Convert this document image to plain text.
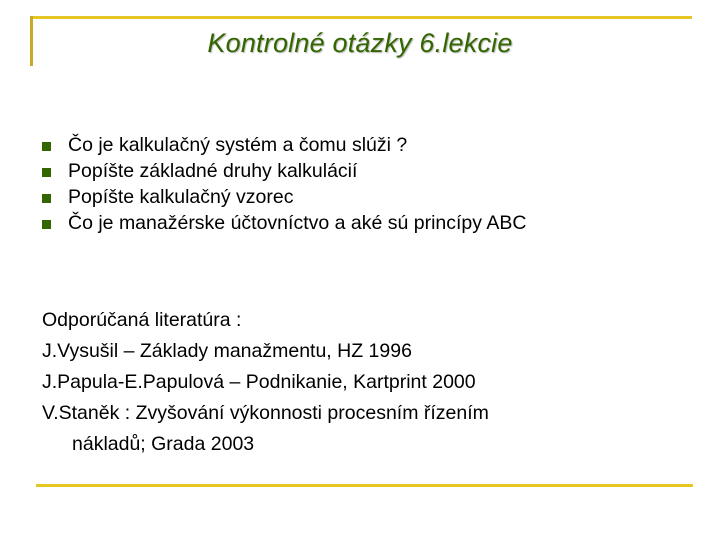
Kontrolné otázky 6.lekcie
Čo je kalkulačný systém a čomu slúži ?
Popíšte základné druhy kalkulácií
Popíšte kalkulačný vzorec
Čo je manažérske účtovníctvo a aké sú princípy ABC
Odporúčaná literatúra :
J.Vysušil – Základy manažmentu, HZ 1996
J.Papula-E.Papulová – Podnikanie, Kartprint 2000
V.Staněk : Zvyšování výkonnosti procesním řízením
nákladů; Grada 2003
